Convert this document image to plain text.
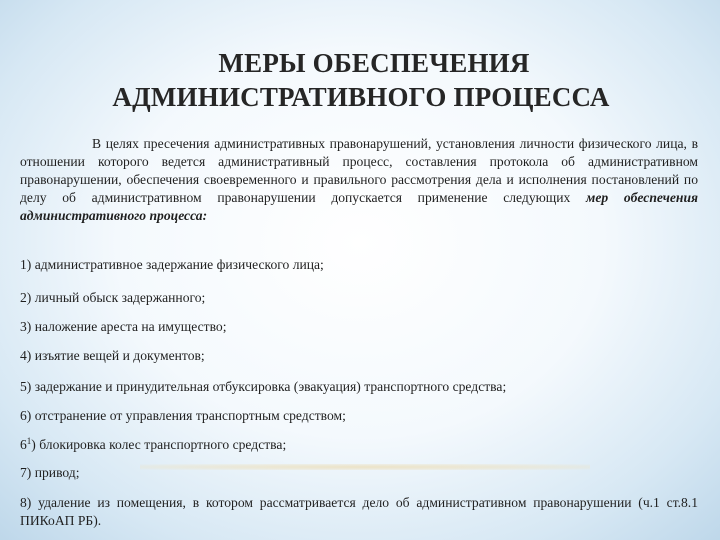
МЕРЫ ОБЕСПЕЧЕНИЯ
АДМИНИСТРАТИВНОГО ПРОЦЕССА
В целях пресечения административных правонарушений, установления личности физического лица, в отношении которого ведется административный процесс, составления протокола об административном правонарушении, обеспечения своевременного и правильного рассмотрения дела и исполнения постановлений по делу об административном правонарушении допускается применение следующих мер обеспечения административного процесса:
1) административное задержание физического лица;
2) личный обыск задержанного;
3) наложение ареста на имущество;
4) изъятие вещей и документов;
5) задержание и принудительная отбуксировка (эвакуация) транспортного средства;
6) отстранение от управления транспортным средством;
$6^1$) блокировка колес транспортного средства;
7) привод;
8) удаление из помещения, в котором рассматривается дело об административном правонарушении (ч.1 ст.8.1 ПИКоАП РБ).
